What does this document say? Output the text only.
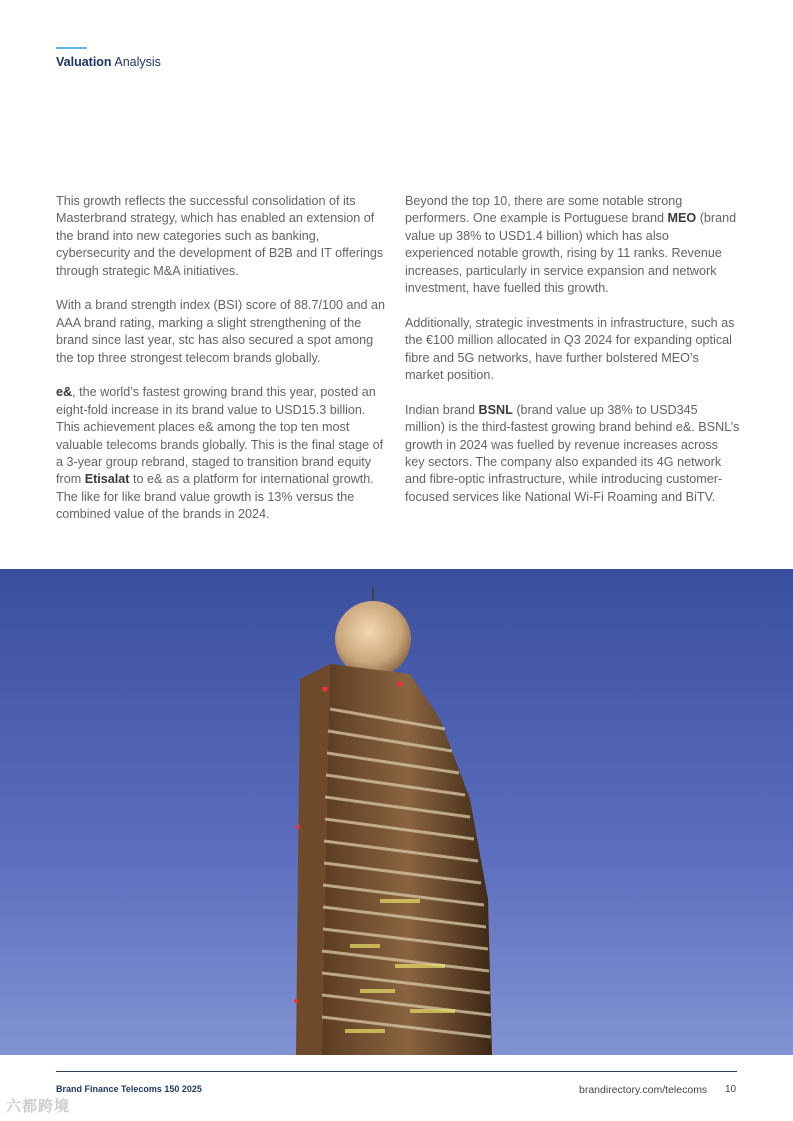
Valuation Analysis

This growth reflects the successful consolidation of its Masterbrand strategy, which has enabled an extension of the brand into new categories such as banking, cybersecurity and the development of B2B and IT offerings through strategic M&A initiatives.

With a brand strength index (BSI) score of 88.7/100 and an AAA brand rating, marking a slight strengthening of the brand since last year, stc has also secured a spot among the top three strongest telecom brands globally.

e&, the world’s fastest growing brand this year, posted an eight-fold increase in its brand value to USD15.3 billion. This achievement places e& among the top ten most valuable telecoms brands globally. This is the final stage of a 3-year group rebrand, staged to transition brand equity from Etisalat to e& as a platform for international growth. The like for like brand value growth is 13% versus the combined value of the brands in 2024.

Beyond the top 10, there are some notable strong performers. One example is Portuguese brand MEO (brand value up 38% to USD1.4 billion) which has also experienced notable growth, rising by 11 ranks. Revenue increases, particularly in service expansion and network investment, have fuelled this growth.

Additionally, strategic investments in infrastructure, such as the €100 million allocated in Q3 2024 for expanding optical fibre and 5G networks, have further bolstered MEO’s market position.

Indian brand BSNL (brand value up 38% to USD345 million) is the third-fastest growing brand behind e&. BSNL’s growth in 2024 was fuelled by revenue increases across key sectors. The company also expanded its 4G network and fibre-optic infrastructure, while introducing customer-focused services like National Wi-Fi Roaming and BiTV.

Brand Finance Telecoms 150 2025	brandirectory.com/telecoms 10
六都跨境
